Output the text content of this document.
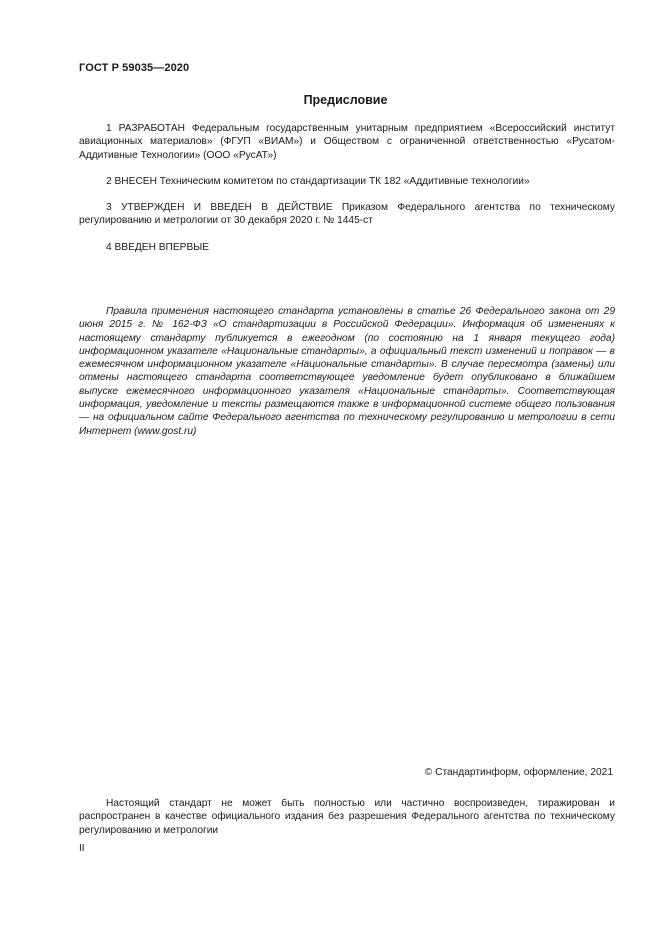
ГОСТ Р 59035—2020
Предисловие
1 РАЗРАБОТАН Федеральным государственным унитарным предприятием «Всероссийский институт авиационных материалов» (ФГУП «ВИАМ») и Обществом с ограниченной ответственностью «Русатом-Аддитивные Технологии» (ООО «РусАТ»)
2 ВНЕСЕН Техническим комитетом по стандартизации ТК 182 «Аддитивные технологии»
3 УТВЕРЖДЕН И ВВЕДЕН В ДЕЙСТВИЕ Приказом Федерального агентства по техническому регулированию и метрологии от 30 декабря 2020 г. № 1445-ст
4 ВВЕДЕН ВПЕРВЫЕ
Правила применения настоящего стандарта установлены в статье 26 Федерального закона от 29 июня 2015 г. № 162-ФЗ «О стандартизации в Российской Федерации». Информация об изменениях к настоящему стандарту публикуется в ежегодном (по состоянию на 1 января текущего года) информационном указателе «Национальные стандарты», а официальный текст изменений и поправок — в ежемесячном информационном указателе «Национальные стандарты». В случае пересмотра (замены) или отмены настоящего стандарта соответствующее уведомление будет опубликовано в ближайшем выпуске ежемесячного информационного указателя «Национальные стандарты». Соответствующая информация, уведомление и тексты размещаются также в информационной системе общего пользования — на официальном сайте Федерального агентства по техническому регулированию и метрологии в сети Интернет (www.gost.ru)
© Стандартинформ, оформление, 2021
Настоящий стандарт не может быть полностью или частично воспроизведен, тиражирован и распространен в качестве официального издания без разрешения Федерального агентства по техническому регулированию и метрологии
II
